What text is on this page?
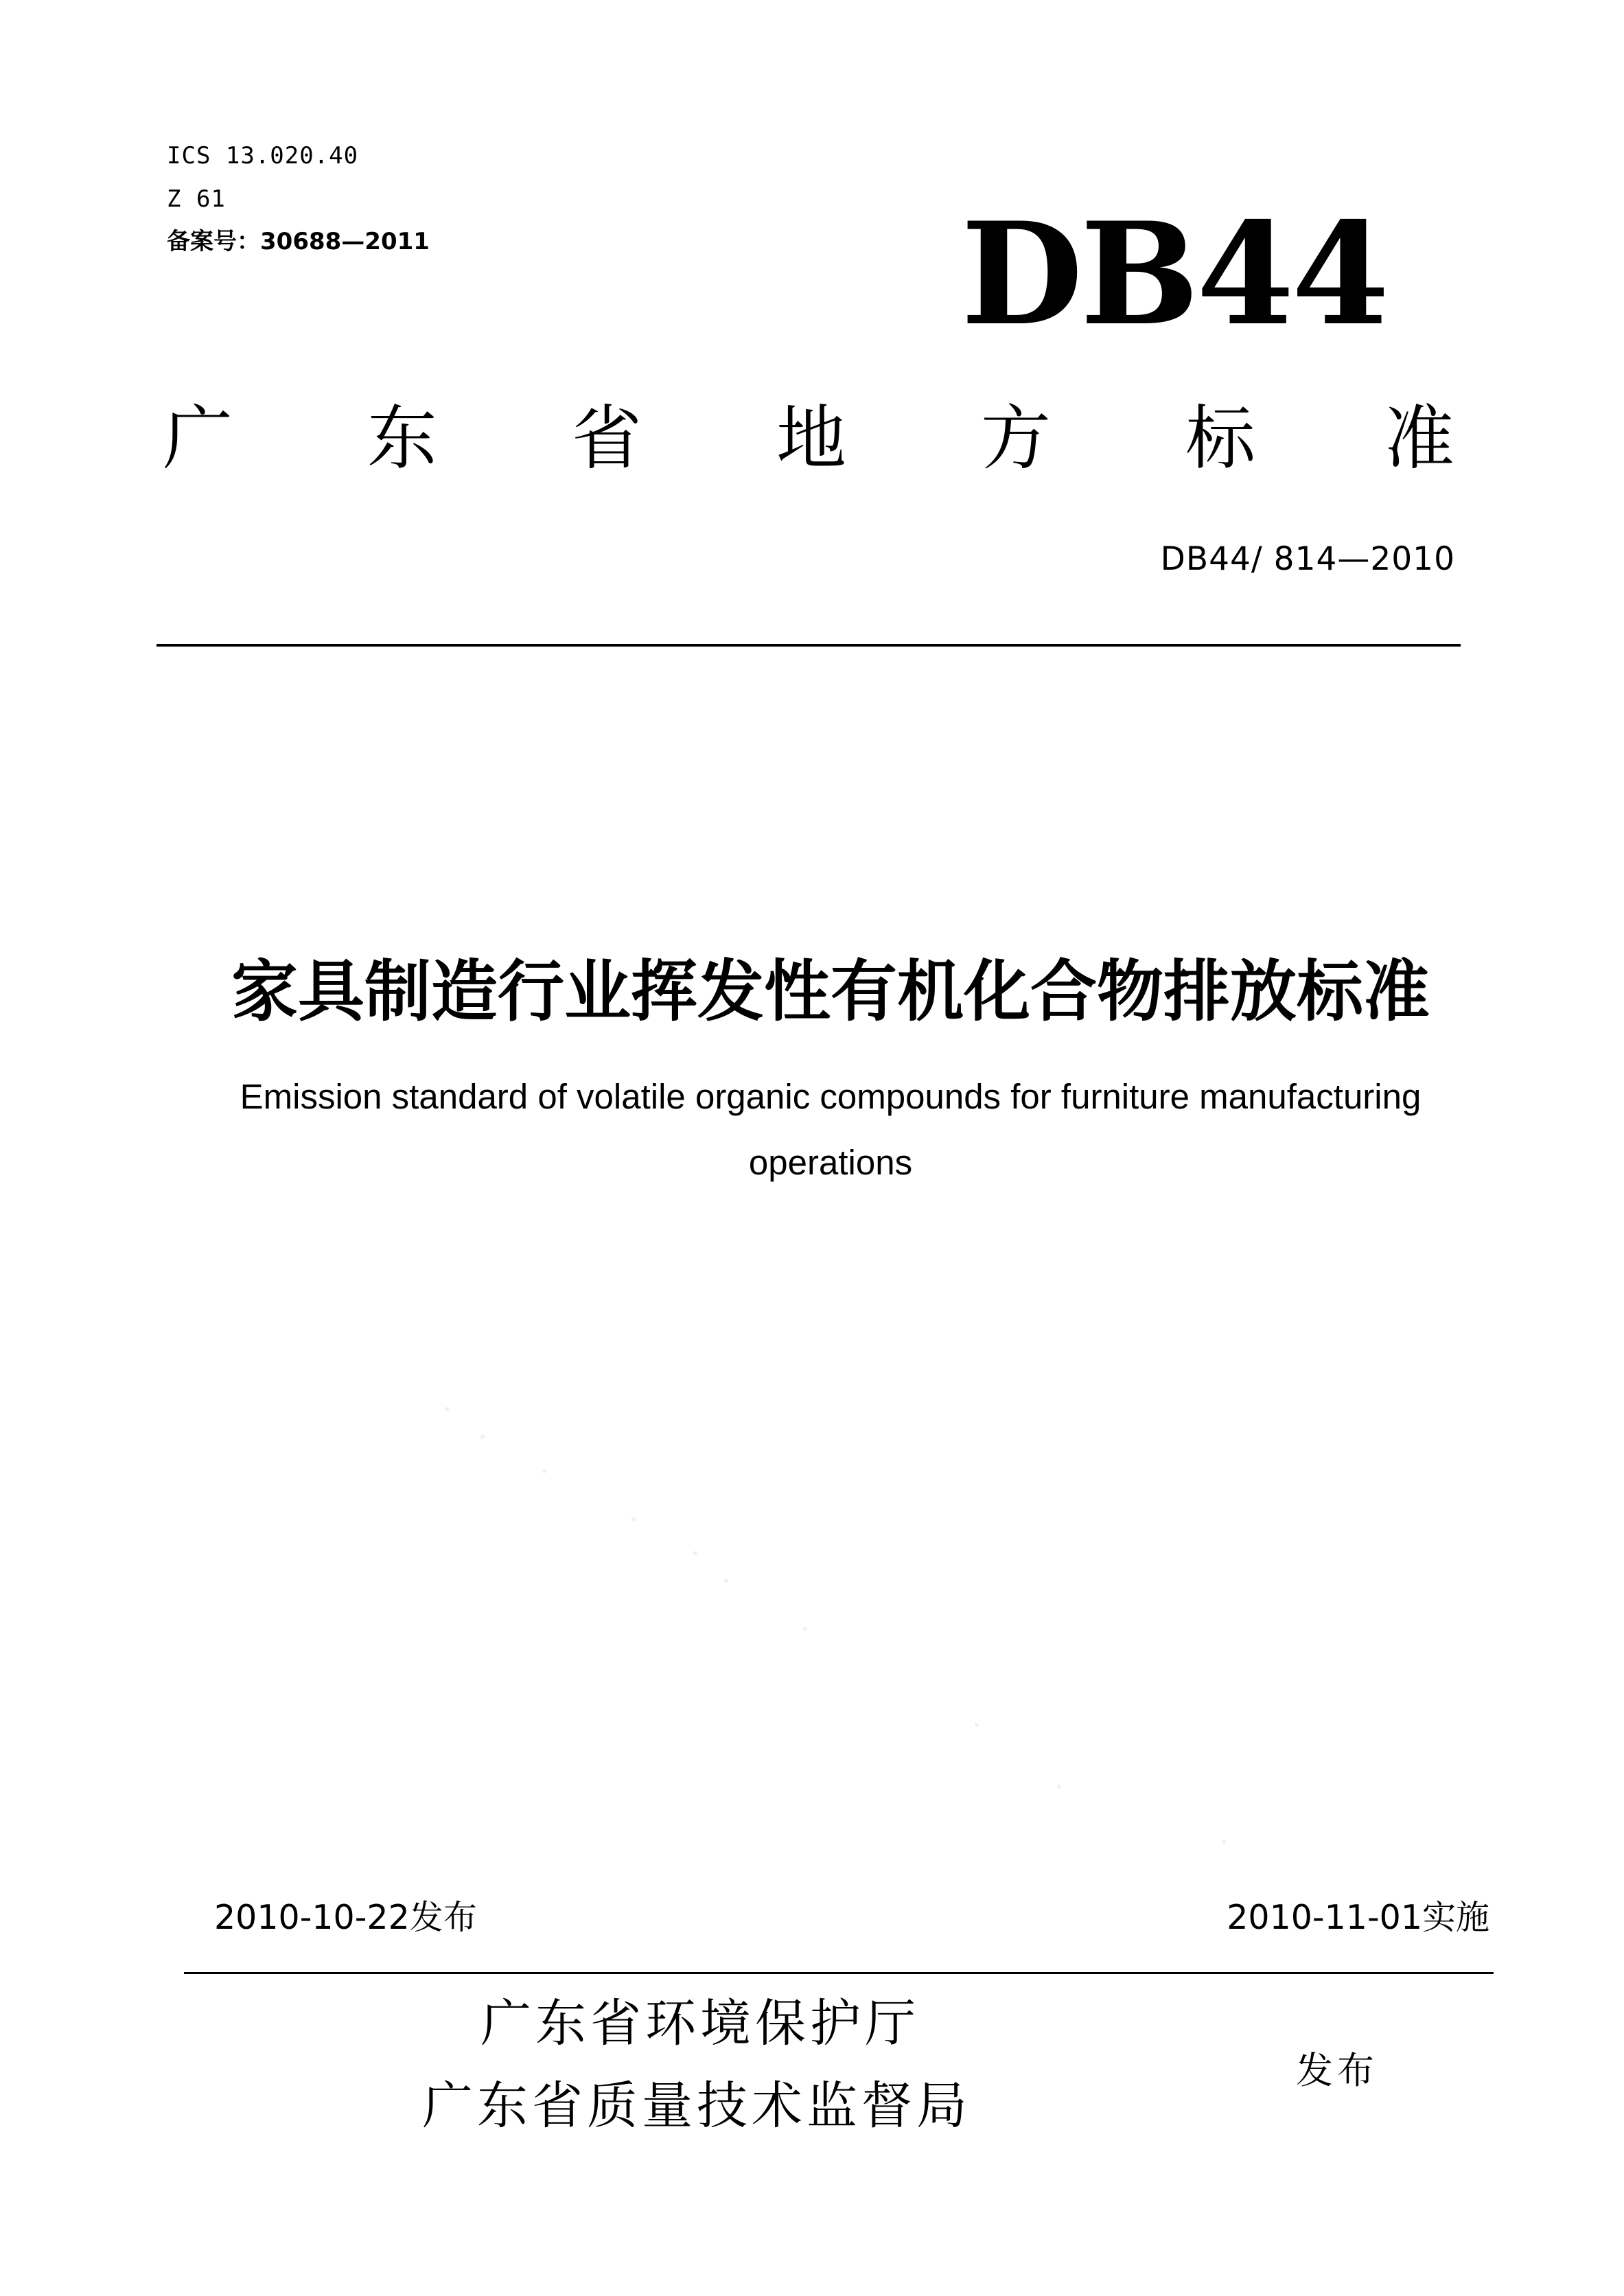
ICS 13.020.40
Z 61
备案号：30688—2011	DB44
广 东 省 地 方 标 准
DB44/ 814—2010
家具制造行业挥发性有机化合物排放标准
Emission standard of volatile organic compounds for furniture manufacturing operations
2010-10-22发布	2010-11-01实施
广东省环境保护厅
广东省质量技术监督局
发布
